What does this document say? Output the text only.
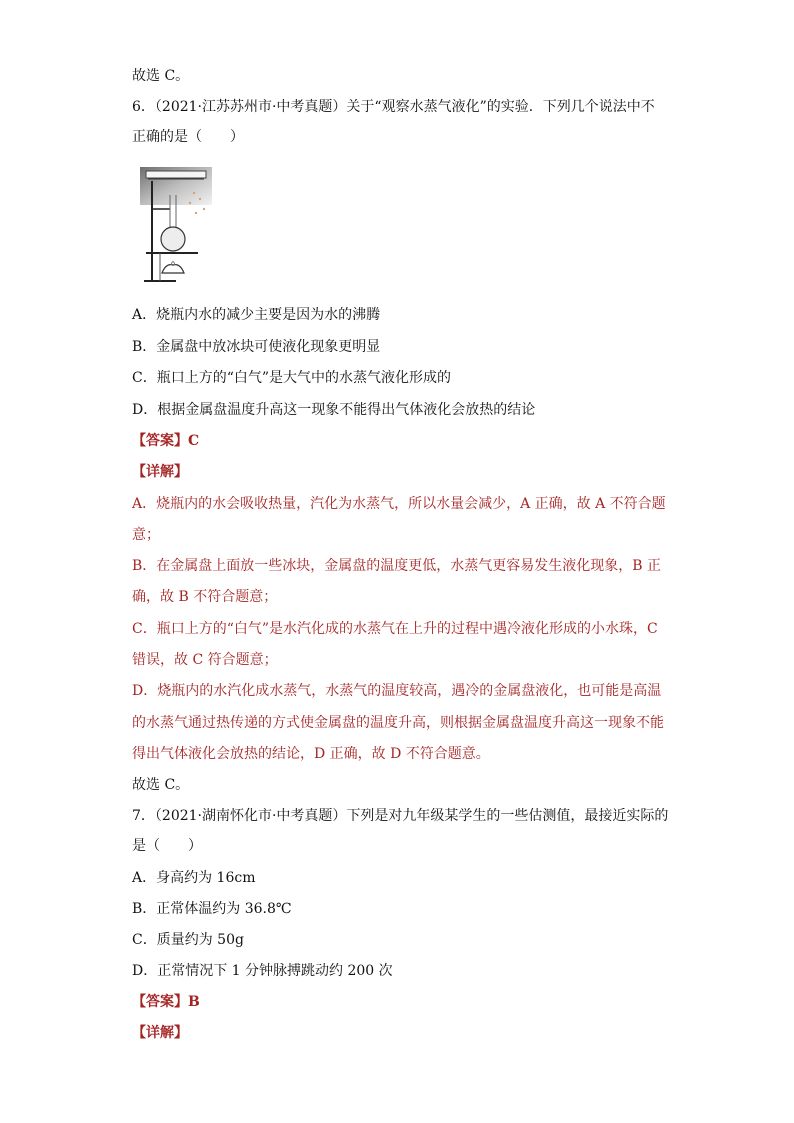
故选 C。
6．（2021·江苏苏州市·中考真题）关于“观察水蒸气液化”的实验．下列几个说法中不
正确的是（　　）
A．烧瓶内水的减少主要是因为水的沸腾
B．金属盘中放冰块可使液化现象更明显
C．瓶口上方的“白气”是大气中的水蒸气液化形成的
D．根据金属盘温度升高这一现象不能得出气体液化会放热的结论
【答案】C
【详解】
A．烧瓶内的水会吸收热量，汽化为水蒸气，所以水量会减少，A 正确，故 A 不符合题
意；
B．在金属盘上面放一些冰块，金属盘的温度更低，水蒸气更容易发生液化现象，B 正
确，故 B 不符合题意；
C．瓶口上方的“白气”是水汽化成的水蒸气在上升的过程中遇冷液化形成的小水珠，C
错误，故 C 符合题意；
D．烧瓶内的水汽化成水蒸气，水蒸气的温度较高，遇冷的金属盘液化，也可能是高温
的水蒸气通过热传递的方式使金属盘的温度升高，则根据金属盘温度升高这一现象不能
得出气体液化会放热的结论，D 正确，故 D 不符合题意。
故选 C。
7．（2021·湖南怀化市·中考真题）下列是对九年级某学生的一些估测值，最接近实际的
是（　　）
A．身高约为 16cm
B．正常体温约为 36.8℃
C．质量约为 50g
D．正常情况下 1 分钟脉搏跳动约 200 次
【答案】B
【详解】
